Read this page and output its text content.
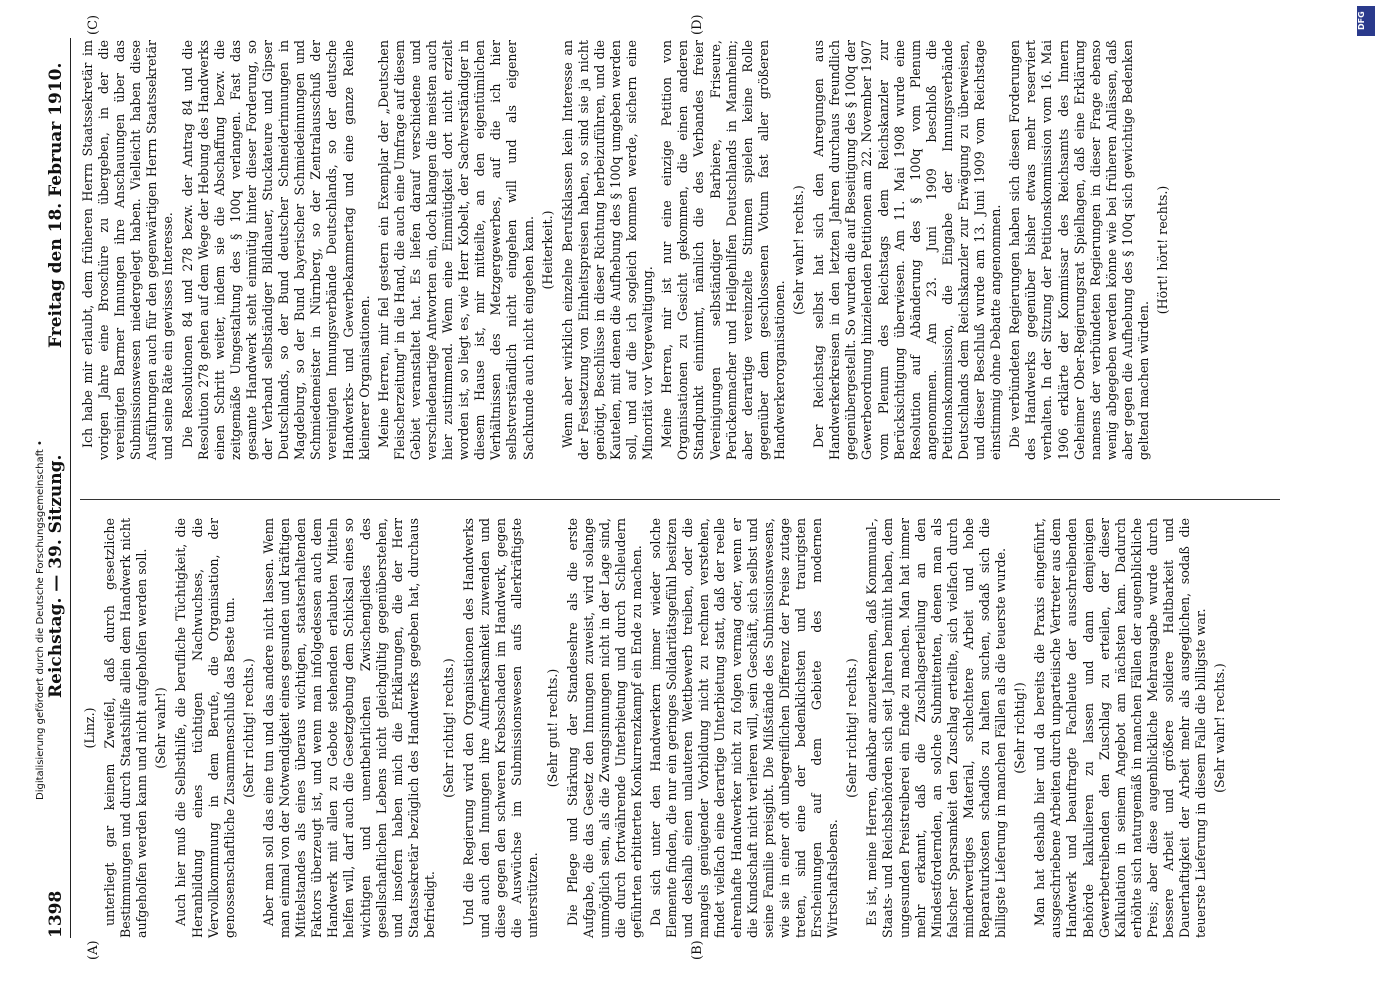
1398
Reichstag. — 39. Sitzung.
Freitag den 18. Februar 1910.
(A)	(B)
(C)	(D)

(Linz.) unterliegt gar keinem Zweifel, daß durch gesetzliche Bestimmungen und durch Staatshilfe allein dem Handwerk nicht aufgeholfen werden kann und nicht aufgeholfen werden soll. (Sehr wahr!) Auch hier muß die Selbsthilfe, die berufliche Tüchtigkeit, die Heranbildung eines tüchtigen Nachwuchses, die Vervollkommnung in dem Berufe, die Organisation, der genossenschaftliche Zusammenschluß das Beste tun. (Sehr richtig! rechts.) Aber man soll das eine tun und das andere nicht lassen. Wenn man einmal von der Notwendigkeit eines gesunden und kräftigen Mittelstandes als eines überaus wichtigen, staatserhaltenden Faktors überzeugt ist, und wenn man infolgedessen auch dem Handwerk mit allen zu Gebote stehenden erlaubten Mitteln helfen will, darf auch die Gesetzgebung dem Schicksal eines so wichtigen und unentbehrlichen Zwischengliedes des gesellschaftlichen Lebens nicht gleichgültig gegenüberstehen, und insofern haben mich die Erklärungen, die der Herr Staatssekretär bezüglich des Handwerks gegeben hat, durchaus befriedigt.

(Sehr richtig! rechts.) Und die Regierung wird den Organisationen des Handwerks und auch den Innungen ihre Aufmerksamkeit zuwenden und diese gegen den schweren Krebsschaden im Handwerk, gegen die Auswüchse im Submissionswesen aufs allerkräftigste unterstützen.

(Sehr gut! rechts.) Die Pflege und Stärkung der Standesehre als die erste Aufgabe, die das Gesetz den Innungen zuweist, wird solange unmöglich sein, als die Zwangsinnungen nicht in der Lage sind, die durch fortwährende Unterbietung und durch Schleudern geführten erbitterten Konkurrenzkampf ein Ende zu machen. Da sich unter den Handwerkern immer wieder solche Elemente finden, die nur ein geringes Solidaritätsgefühl besitzen und deshalb einen unlauteren Wettbewerb treiben, oder die mangels genügender Vorbildung nicht zu rechnen verstehen, findet vielfach eine derartige Unterbietung statt, daß der reelle ehrenhafte Handwerker nicht zu folgen vermag oder, wenn er die Kundschaft nicht verlieren will, sein Geschäft, sich selbst und seine Familie preisgibt. Die Mißstände des Submissionswesens, wie sie in einer oft unbegreiflichen Differenz der Preise zutage treten, sind eine der bedenklichsten und traurigsten Erscheinungen auf dem Gebiete des modernen Wirtschaftslebens.

(Sehr richtig! rechts.) Es ist, meine Herren, dankbar anzuerkennen, daß Kommunal-, Staats- und Reichsbehörden sich seit Jahren bemüht haben, dem ungesunden Preistreiberei ein Ende zu machen. Man hat immer mehr erkannt, daß die Zuschlagserteilung an den Mindestfordernden, an solche Submittenten, denen man als falscher Sparsamkeit den Zuschlag erteilte, sich vielfach durch minderwertiges Material, schlechtere Arbeit und hohe Reparaturkosten schadlos zu halten suchen, sodaß sich die billigste Lieferung in manchen Fällen als die teuerste wurde. (Sehr richtig!) Man hat deshalb hier und da bereits die Praxis eingeführt, ausgeschriebene Arbeiten durch unparteiische Vertreter aus dem Handwerk und beauftragte Fachleute der ausschreibenden Behörde kalkulieren zu lassen und dann demjenigen Gewerbetreibenden den Zuschlag zu erteilen, der dieser Kalkulation in seinem Angebot am nächsten kam. Dadurch erhöhte sich naturgemäß in manchen Fällen der augenblickliche Preis; aber diese augenblickliche Mehrausgabe wurde durch bessere Arbeit und größere solidere Haltbarkeit und Dauerhaftigkeit der Arbeit mehr als ausgeglichen, sodaß die teuerste Lieferung in diesem Falle die billigste war. (Sehr wahr! rechts.)

Ich habe mir erlaubt, dem früheren Herrn Staatssekretär im vorigen Jahre eine Broschüre zu übergeben, in der die vereinigten Barmer Innungen ihre Anschauungen über das Submissionswesen niedergelegt haben. Vielleicht haben diese Ausführungen auch für den gegenwärtigen Herrn Staatssekretär und seine Räte ein gewisses Interesse. Die Resolutionen 84 und 278 bezw. der Antrag 84 und die Resolution 278 gehen auf dem Wege der Hebung des Handwerks einen Schritt weiter, indem sie die Abschaffung bezw. die zeitgemäße Umgestaltung des § 100q verlangen. Fast das gesamte Handwerk steht einmütig hinter dieser Forderung, so der Verband selbständiger Bildhauer, Stuckateure und Gipser Deutschlands, so der Bund deutscher Schneiderinnungen in Magdeburg, so der Bund bayerischer Schmiedeinnungen und Schmiedemeister in Nürnberg, so der Zentralausschuß der vereinigten Innungsverbände Deutschlands, so der deutsche Handwerks- und Gewerbekammertag und eine ganze Reihe kleinerer Organisationen. Meine Herren, mir fiel gestern ein Exemplar der „Deutschen Fleischerzeitung" in die Hand, die auch eine Umfrage auf diesem Gebiet veranstaltet hat. Es liefen darauf verschiedene und verschiedenartige Antworten ein, doch klangen die meisten auch hier zustimmend. Wenn eine Einmütigkeit dort nicht erzielt worden ist, so liegt es, wie Herr Kobelt, der Sachverständiger in diesem Hause ist, mir mitteilte, an den eigentümlichen Verhältnissen des Metzgergewerbes, auf die ich hier selbstverständlich nicht eingehen will und als eigener Sachkunde auch nicht eingehen kann. (Heiterkeit.) Wenn aber wirklich einzelne Berufsklassen kein Interesse an der Festsetzung von Einheitspreisen haben, so sind sie ja nicht genötigt, Beschlüsse in dieser Richtung herbeizuführen, und die Kautelen, mit denen die Aufhebung des § 100q umgeben werden soll, und auf die ich sogleich kommen werde, sichern eine Minorität vor Vergewaltigung. Meine Herren, mir ist nur eine einzige Petition von Organisationen zu Gesicht gekommen, die einen anderen Standpunkt einnimmt, nämlich die des Verbandes freier Vereinigungen selbständiger Barbiere, Friseure, Perückenmacher und Heilgehilfen Deutschlands in Mannheim; aber derartige vereinzelte Stimmen spielen keine Rolle gegenüber dem geschlossenen Votum fast aller größeren Handwerkerorganisationen.

(Sehr wahr! rechts.) Der Reichstag selbst hat sich den Anregungen aus Handwerkerkreisen in den letzten Jahren durchaus freundlich gegenübergestellt. So wurden die auf Beseitigung des § 100q der Gewerbeordnung hinzielenden Petitionen am 22. November 1907 vom Plenum des Reichstags dem Reichskanzler zur Berücksichtigung überwiesen. Am 11. Mai 1908 wurde eine Resolution auf Abänderung des § 100q vom Plenum angenommen. Am 23. Juni 1909 beschloß die Petitionskommission, die Eingabe der Innungsverbände Deutschlands dem Reichskanzler zur Erwägung zu überweisen, und dieser Beschluß wurde am 13. Juni 1909 vom Reichstage einstimmig ohne Debatte angenommen. Die verbündeten Regierungen haben sich diesen Forderungen des Handwerks gegenüber bisher etwas mehr reserviert verhalten. In der Sitzung der Petitionskommission vom 16. Mai 1906 erklärte der Kommissar des Reichsamts des Innern Geheimer Ober-Regierungsrat Spielhagen, daß eine Erklärung namens der verbündeten Regierungen in dieser Frage ebenso wenig abgegeben werden könne wie bei früheren Anlässen, daß aber gegen die Aufhebung des § 100q sich gewichtige Bedenken geltend machen würden.

(Hört! hört! rechts.)

Digitalisierung gefördert durch die Deutsche Forschungsgemeinschaft •
DFG
